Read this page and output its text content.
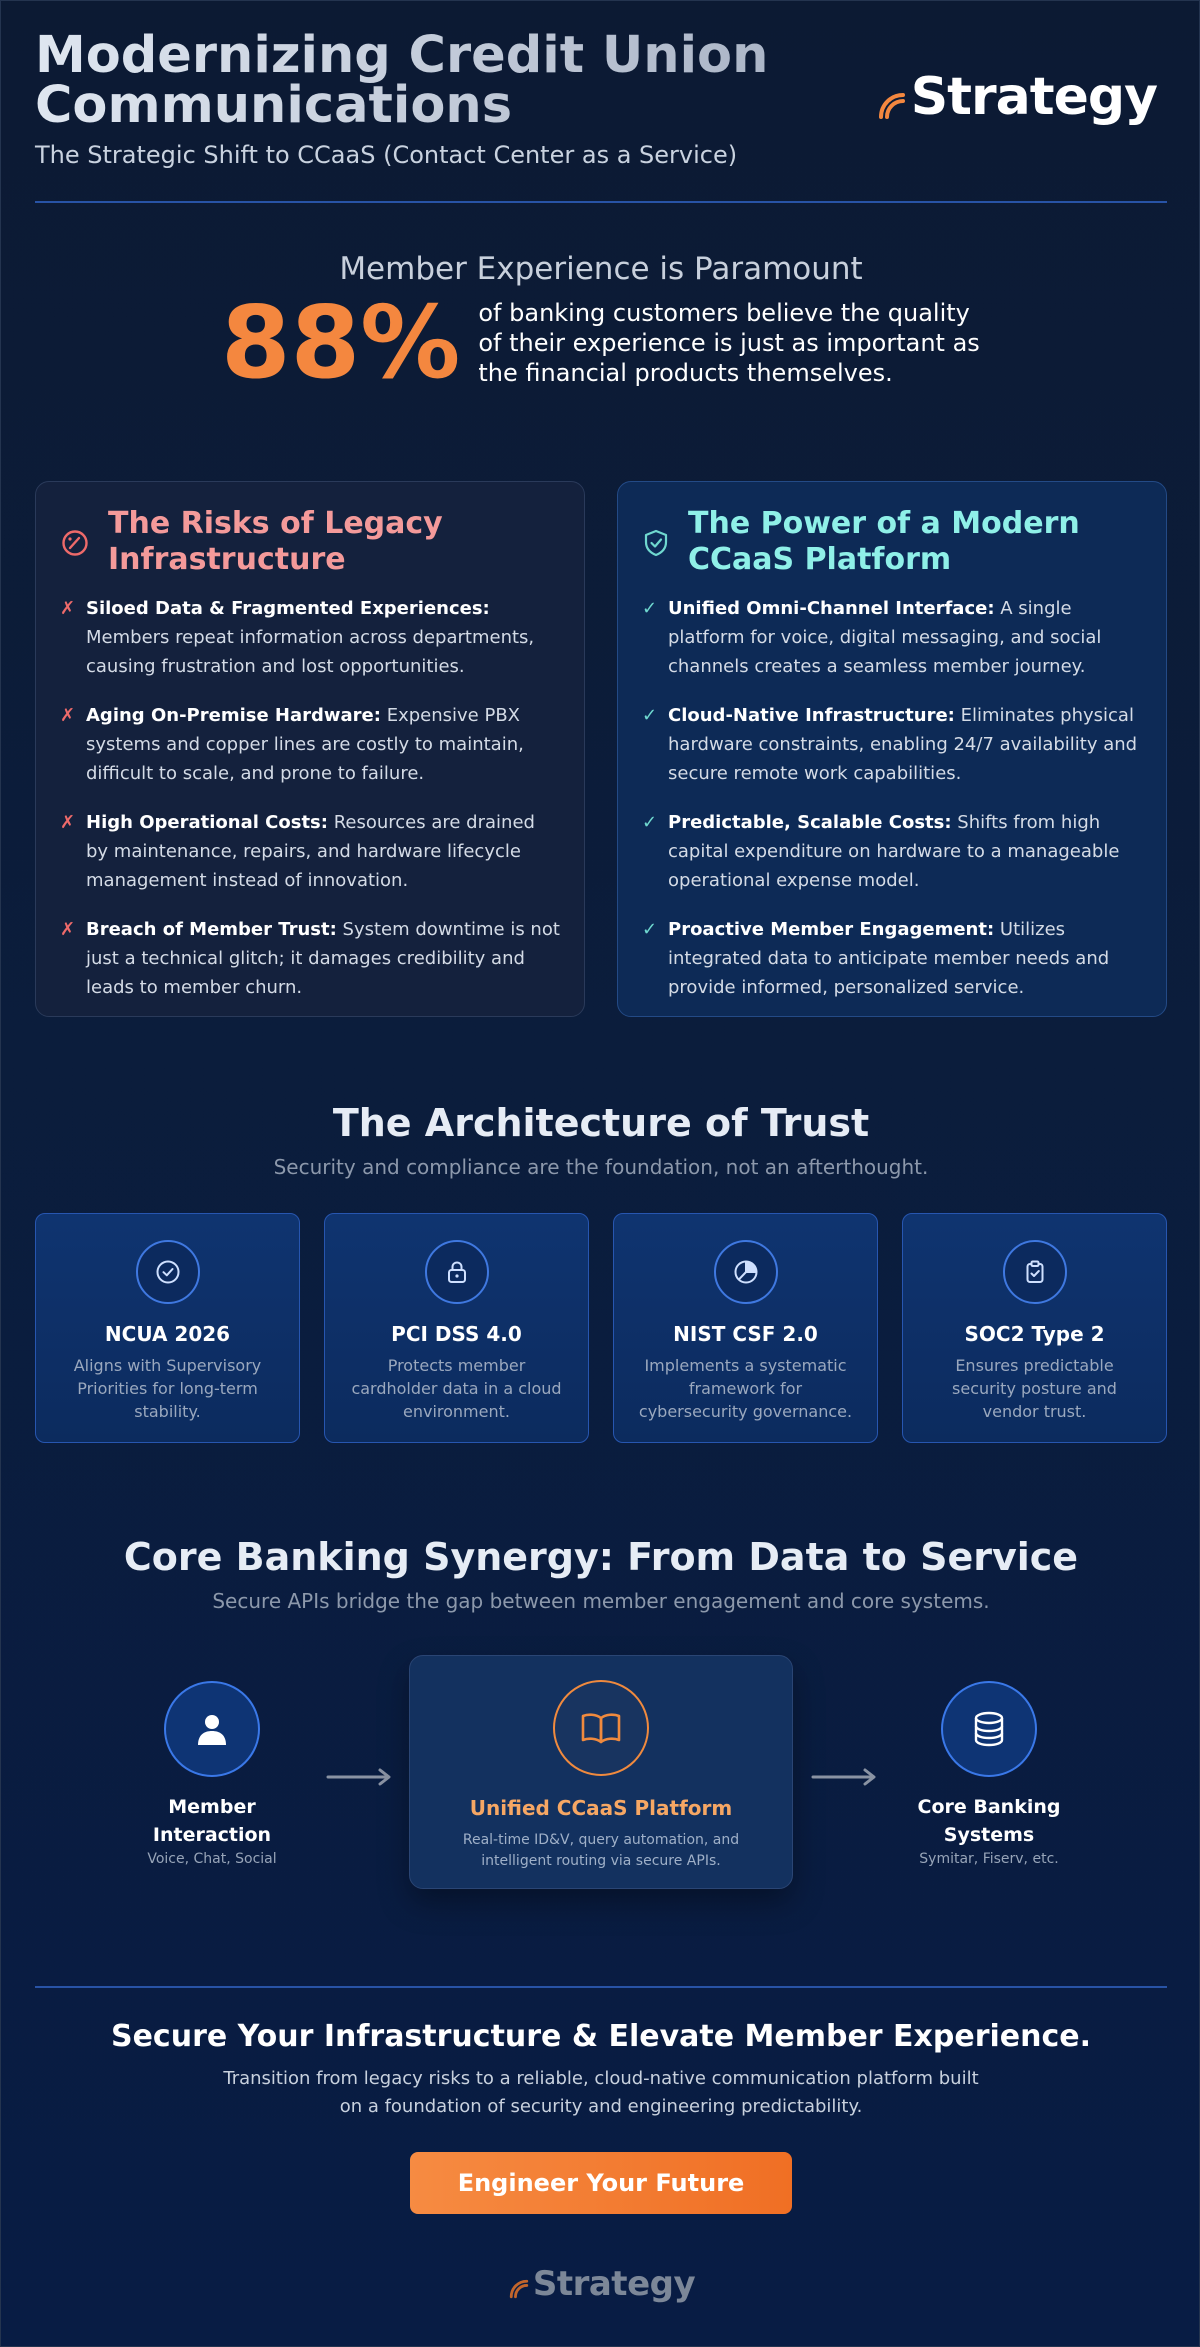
Modernizing Credit Union Communications
The Strategic Shift to CCaaS (Contact Center as a Service)
Strategy
Member Experience is Paramount
88% of banking customers believe the quality of their experience is just as important as the financial products themselves.
The Risks of Legacy Infrastructure
✗ Siloed Data & Fragmented Experiences: Members repeat information across departments, causing frustration and lost opportunities.

✗ Aging On-Premise Hardware: Expensive PBX systems and copper lines are costly to maintain, difficult to scale, and prone to failure.

✗ High Operational Costs: Resources are drained by maintenance, repairs, and hardware lifecycle management instead of innovation.

✗ Breach of Member Trust: System downtime is not just a technical glitch; it damages credibility and leads to member churn.

The Power of a Modern CCaaS Platform
✓ Unified Omni-Channel Interface: A single platform for voice, digital messaging, and social channels creates a seamless member journey.

✓ Cloud-Native Infrastructure: Eliminates physical hardware constraints, enabling 24/7 availability and secure remote work capabilities.

✓ Predictable, Scalable Costs: Shifts from high capital expenditure on hardware to a manageable operational expense model.

✓ Proactive Member Engagement: Utilizes integrated data to anticipate member needs and provide informed, personalized service.

The Architecture of Trust

Security and compliance are the foundation, not an afterthought.

NCUA 2026
Aligns with Supervisory Priorities for long-term stability.
PCI DSS 4.0
Protects member cardholder data in a cloud environment.
NIST CSF 2.0
Implements a systematic framework for cybersecurity governance.
SOC2 Type 2
Ensures predictable security posture and vendor trust.
Core Banking Synergy: From Data to Service

Secure APIs bridge the gap between member engagement and core systems.

Member Interaction
Voice, Chat, Social
Unified CCaaS Platform
Real-time ID&V, query automation, and intelligent routing via secure APIs.
Core Banking Systems
Symitar, Fiserv, etc.
Secure Your Infrastructure & Elevate Member Experience.
Transition from legacy risks to a reliable, cloud-native communication platform built on a foundation of security and engineering predictability.
Engineer Your Future
Strategy
